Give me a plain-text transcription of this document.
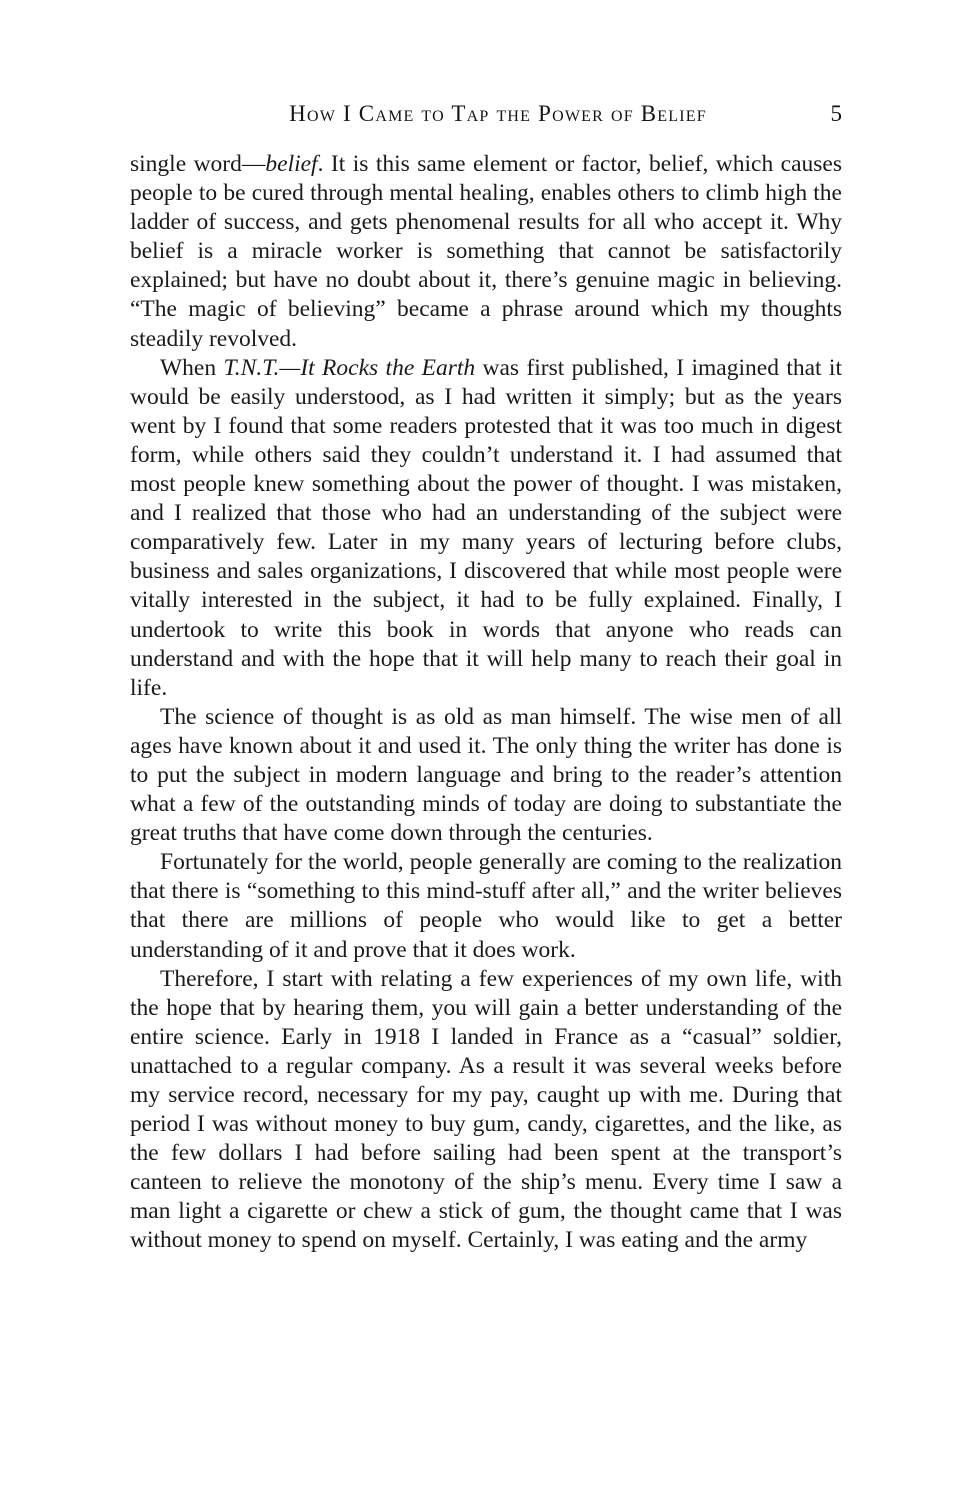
How I Came to Tap the Power of Belief	5

single word—belief. It is this same element or factor, belief, which causes people to be cured through mental healing, enables others to climb high the ladder of success, and gets phenomenal results for all who accept it. Why belief is a miracle worker is something that cannot be satisfactorily explained; but have no doubt about it, there’s genuine magic in believing. “The magic of believing” became a phrase around which my thoughts steadily revolved.

When T.N.T.—It Rocks the Earth was first published, I imagined that it would be easily understood, as I had written it simply; but as the years went by I found that some readers protested that it was too much in digest form, while others said they couldn’t understand it. I had assumed that most people knew something about the power of thought. I was mistaken, and I realized that those who had an understanding of the subject were comparatively few. Later in my many years of lecturing before clubs, business and sales organizations, I discovered that while most people were vitally interested in the subject, it had to be fully explained. Finally, I undertook to write this book in words that anyone who reads can understand and with the hope that it will help many to reach their goal in life.

The science of thought is as old as man himself. The wise men of all ages have known about it and used it. The only thing the writer has done is to put the subject in modern language and bring to the reader’s attention what a few of the outstanding minds of today are doing to substantiate the great truths that have come down through the centuries.

Fortunately for the world, people generally are coming to the realization that there is “something to this mind-stuff after all,” and the writer believes that there are millions of people who would like to get a better understanding of it and prove that it does work.

Therefore, I start with relating a few experiences of my own life, with the hope that by hearing them, you will gain a better understanding of the entire science. Early in 1918 I landed in France as a “casual” soldier, unattached to a regular company. As a result it was several weeks before my service record, necessary for my pay, caught up with me. During that period I was without money to buy gum, candy, cigarettes, and the like, as the few dollars I had before sailing had been spent at the transport’s canteen to relieve the monotony of the ship’s menu. Every time I saw a man light a cigarette or chew a stick of gum, the thought came that I was without money to spend on myself. Certainly, I was eating and the army
